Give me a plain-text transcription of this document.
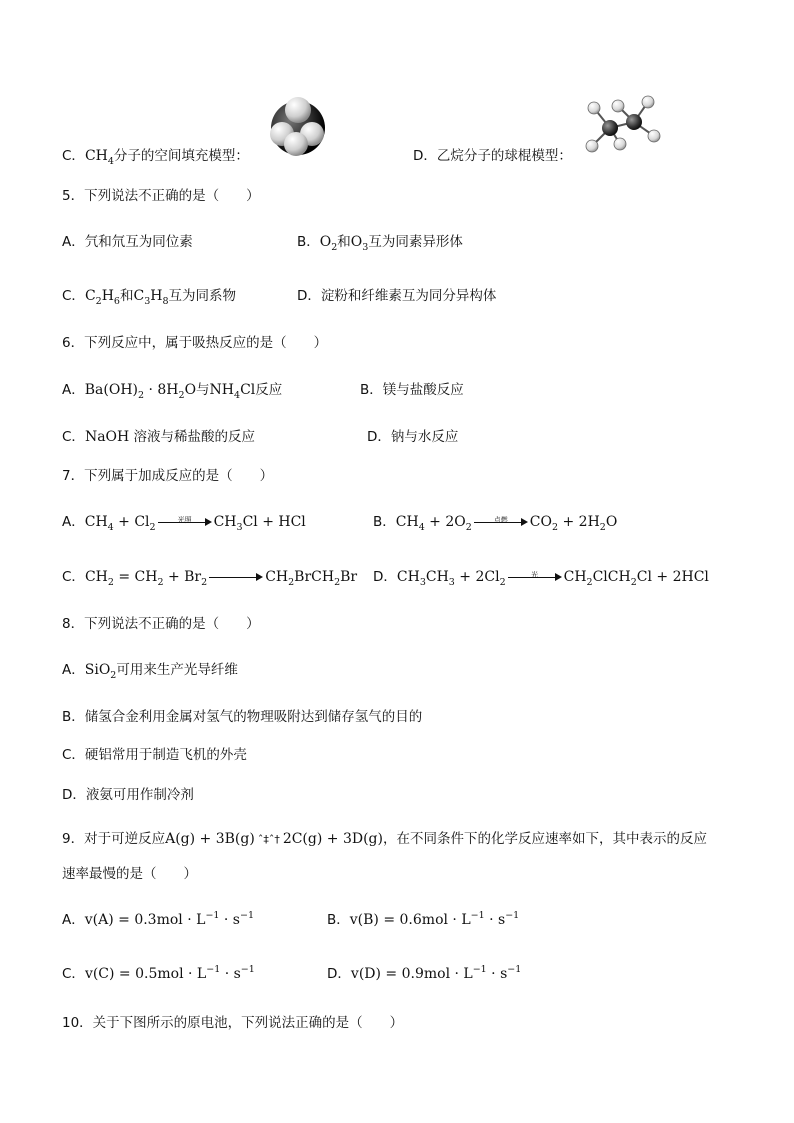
C．$CH_4$分子的空间填充模型：	D．乙烷分子的球棍模型：
5．下列说法不正确的是（　　）
A．氕和氘互为同位素	B．$O_2$和$O_3$互为同素异形体
C．$C_2H_6$和$C_3H_8$互为同系物	D．淀粉和纤维素互为同分异构体
6．下列反应中，属于吸热反应的是（　　）
A．$Ba(OH)_2 \cdot 8H_2O$与$NH_4Cl$反应	B．镁与盐酸反应
C．NaOH 溶液与稀盐酸的反应	D．钠与水反应
7．下列属于加成反应的是（　　）
A．$CH_4 + Cl_2$
光照	$CH_3Cl$ + HCl	B．$CH_4 + 2O_2$
点燃	$CO_2 + 2H_2O$
C．$CH_2 = CH_2 + Br_2$	$CH_2BrCH_2Br$ D．$CH_3CH_3 + 2Cl_2$
光	$CH_2ClCH_2Cl + 2HCl$
8．下列说法不正确的是（　　）
A．SiO$_2$可用来生产光导纤维
B．储氢合金利用金属对氢气的物理吸附达到储存氢气的目的
C．硬铝常用于制造飞机的外壳
D．液氨可用作制冷剂
9．对于可逆反应A(g) + 3B(g) ˆ‡ˆ† 2C(g) + 3D(g)，在不同条件下的化学反应速率如下，其中表示的反应
速率最慢的是（　　）
A．$v(A) = 0.3mol \cdot L^{-1} \cdot s^{-1}$	B．$v(B) = 0.6mol \cdot L^{-1} \cdot s^{-1}$
C．$v(C) = 0.5mol \cdot L^{-1} \cdot s^{-1}$	D．$v(D) = 0.9mol \cdot L^{-1} \cdot s^{-1}$
10．关于下图所示的原电池，下列说法正确的是（　　）
